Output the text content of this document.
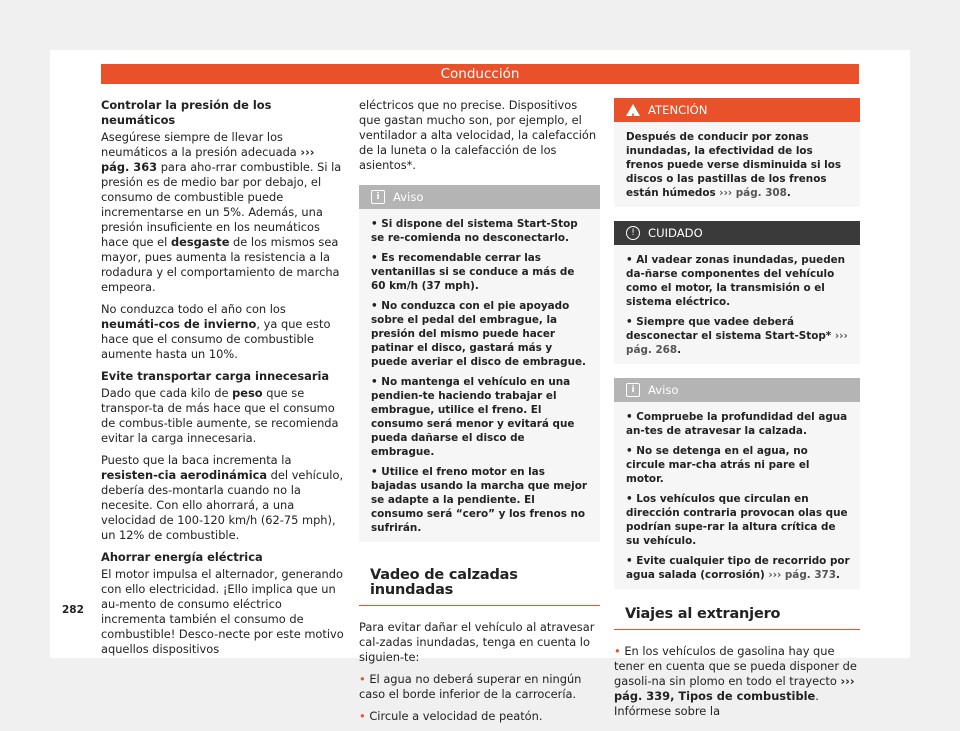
Conducción

Controlar la presión de los neumáticos

Asegúrese siempre de llevar los neumáticos a la presión adecuada ››› pág. 363 para aho-rrar combustible. Si la presión es de medio bar por debajo, el consumo de combustible puede incrementarse en un 5%. Además, una presión insuficiente en los neumáticos hace que el desgaste de los mismos sea mayor, pues aumenta la resistencia a la rodadura y el comportamiento de marcha empeora.

No conduzca todo el año con los neumáti-cos de invierno, ya que esto hace que el consumo de combustible aumente hasta un 10%.

Evite transportar carga innecesaria

Dado que cada kilo de peso que se transpor-ta de más hace que el consumo de combus-tible aumente, se recomienda evitar la carga innecesaria.

Puesto que la baca incrementa la resisten-cia aerodinámica del vehículo, debería des-montarla cuando no la necesite. Con ello ahorrará, a una velocidad de 100-120 km/h (62-75 mph), un 12% de combustible.

Ahorrar energía eléctrica

El motor impulsa el alternador, generando con ello electricidad. ¡Ello implica que un au-mento de consumo eléctrico incrementa también el consumo de combustible! Desco-necte por este motivo aquellos dispositivos

eléctricos que no precise. Dispositivos que gastan mucho son, por ejemplo, el ventilador a alta velocidad, la calefacción de la luneta o la calefacción de los asientos*.

i	Aviso

• Si dispone del sistema Start-Stop se re-comienda no desconectarlo.

• Es recomendable cerrar las ventanillas si se conduce a más de 60 km/h (37 mph).

• No conduzca con el pie apoyado sobre el pedal del embrague, la presión del mismo puede hacer patinar el disco, gastará más y puede averiar el disco de embrague.

• No mantenga el vehículo en una pendien-te haciendo trabajar el embrague, utilice el freno. El consumo será menor y evitará que pueda dañarse el disco de embrague.

• Utilice el freno motor en las bajadas usando la marcha que mejor se adapte a la pendiente. El consumo será “cero” y los frenos no sufrirán.

Vadeo de calzadas inundadas

Para evitar dañar el vehículo al atravesar cal-zadas inundadas, tenga en cuenta lo siguien-te:

• El agua no deberá superar en ningún caso el borde inferior de la carrocería.

• Circule a velocidad de peatón.

!
ATENCIÓN

Después de conducir por zonas inundadas, la efectividad de los frenos puede verse disminuida si los discos o las pastillas de los frenos están húmedos ››› pág. 308.

!	CUIDADO

• Al vadear zonas inundadas, pueden da-ñarse componentes del vehículo como el motor, la transmisión o el sistema eléctrico.

• Siempre que vadee deberá desconectar el sistema Start-Stop* ››› pág. 268.

i	Aviso

• Compruebe la profundidad del agua an-tes de atravesar la calzada.

• No se detenga en el agua, no circule mar-cha atrás ni pare el motor.

• Los vehículos que circulan en dirección contraria provocan olas que podrían supe-rar la altura crítica de su vehículo.

• Evite cualquier tipo de recorrido por agua salada (corrosión) ››› pág. 373.

Viajes al extranjero

• En los vehículos de gasolina hay que tener en cuenta que se pueda disponer de gasoli-na sin plomo en todo el trayecto ››› pág. 339, Tipos de combustible. Infórmese sobre la

282
